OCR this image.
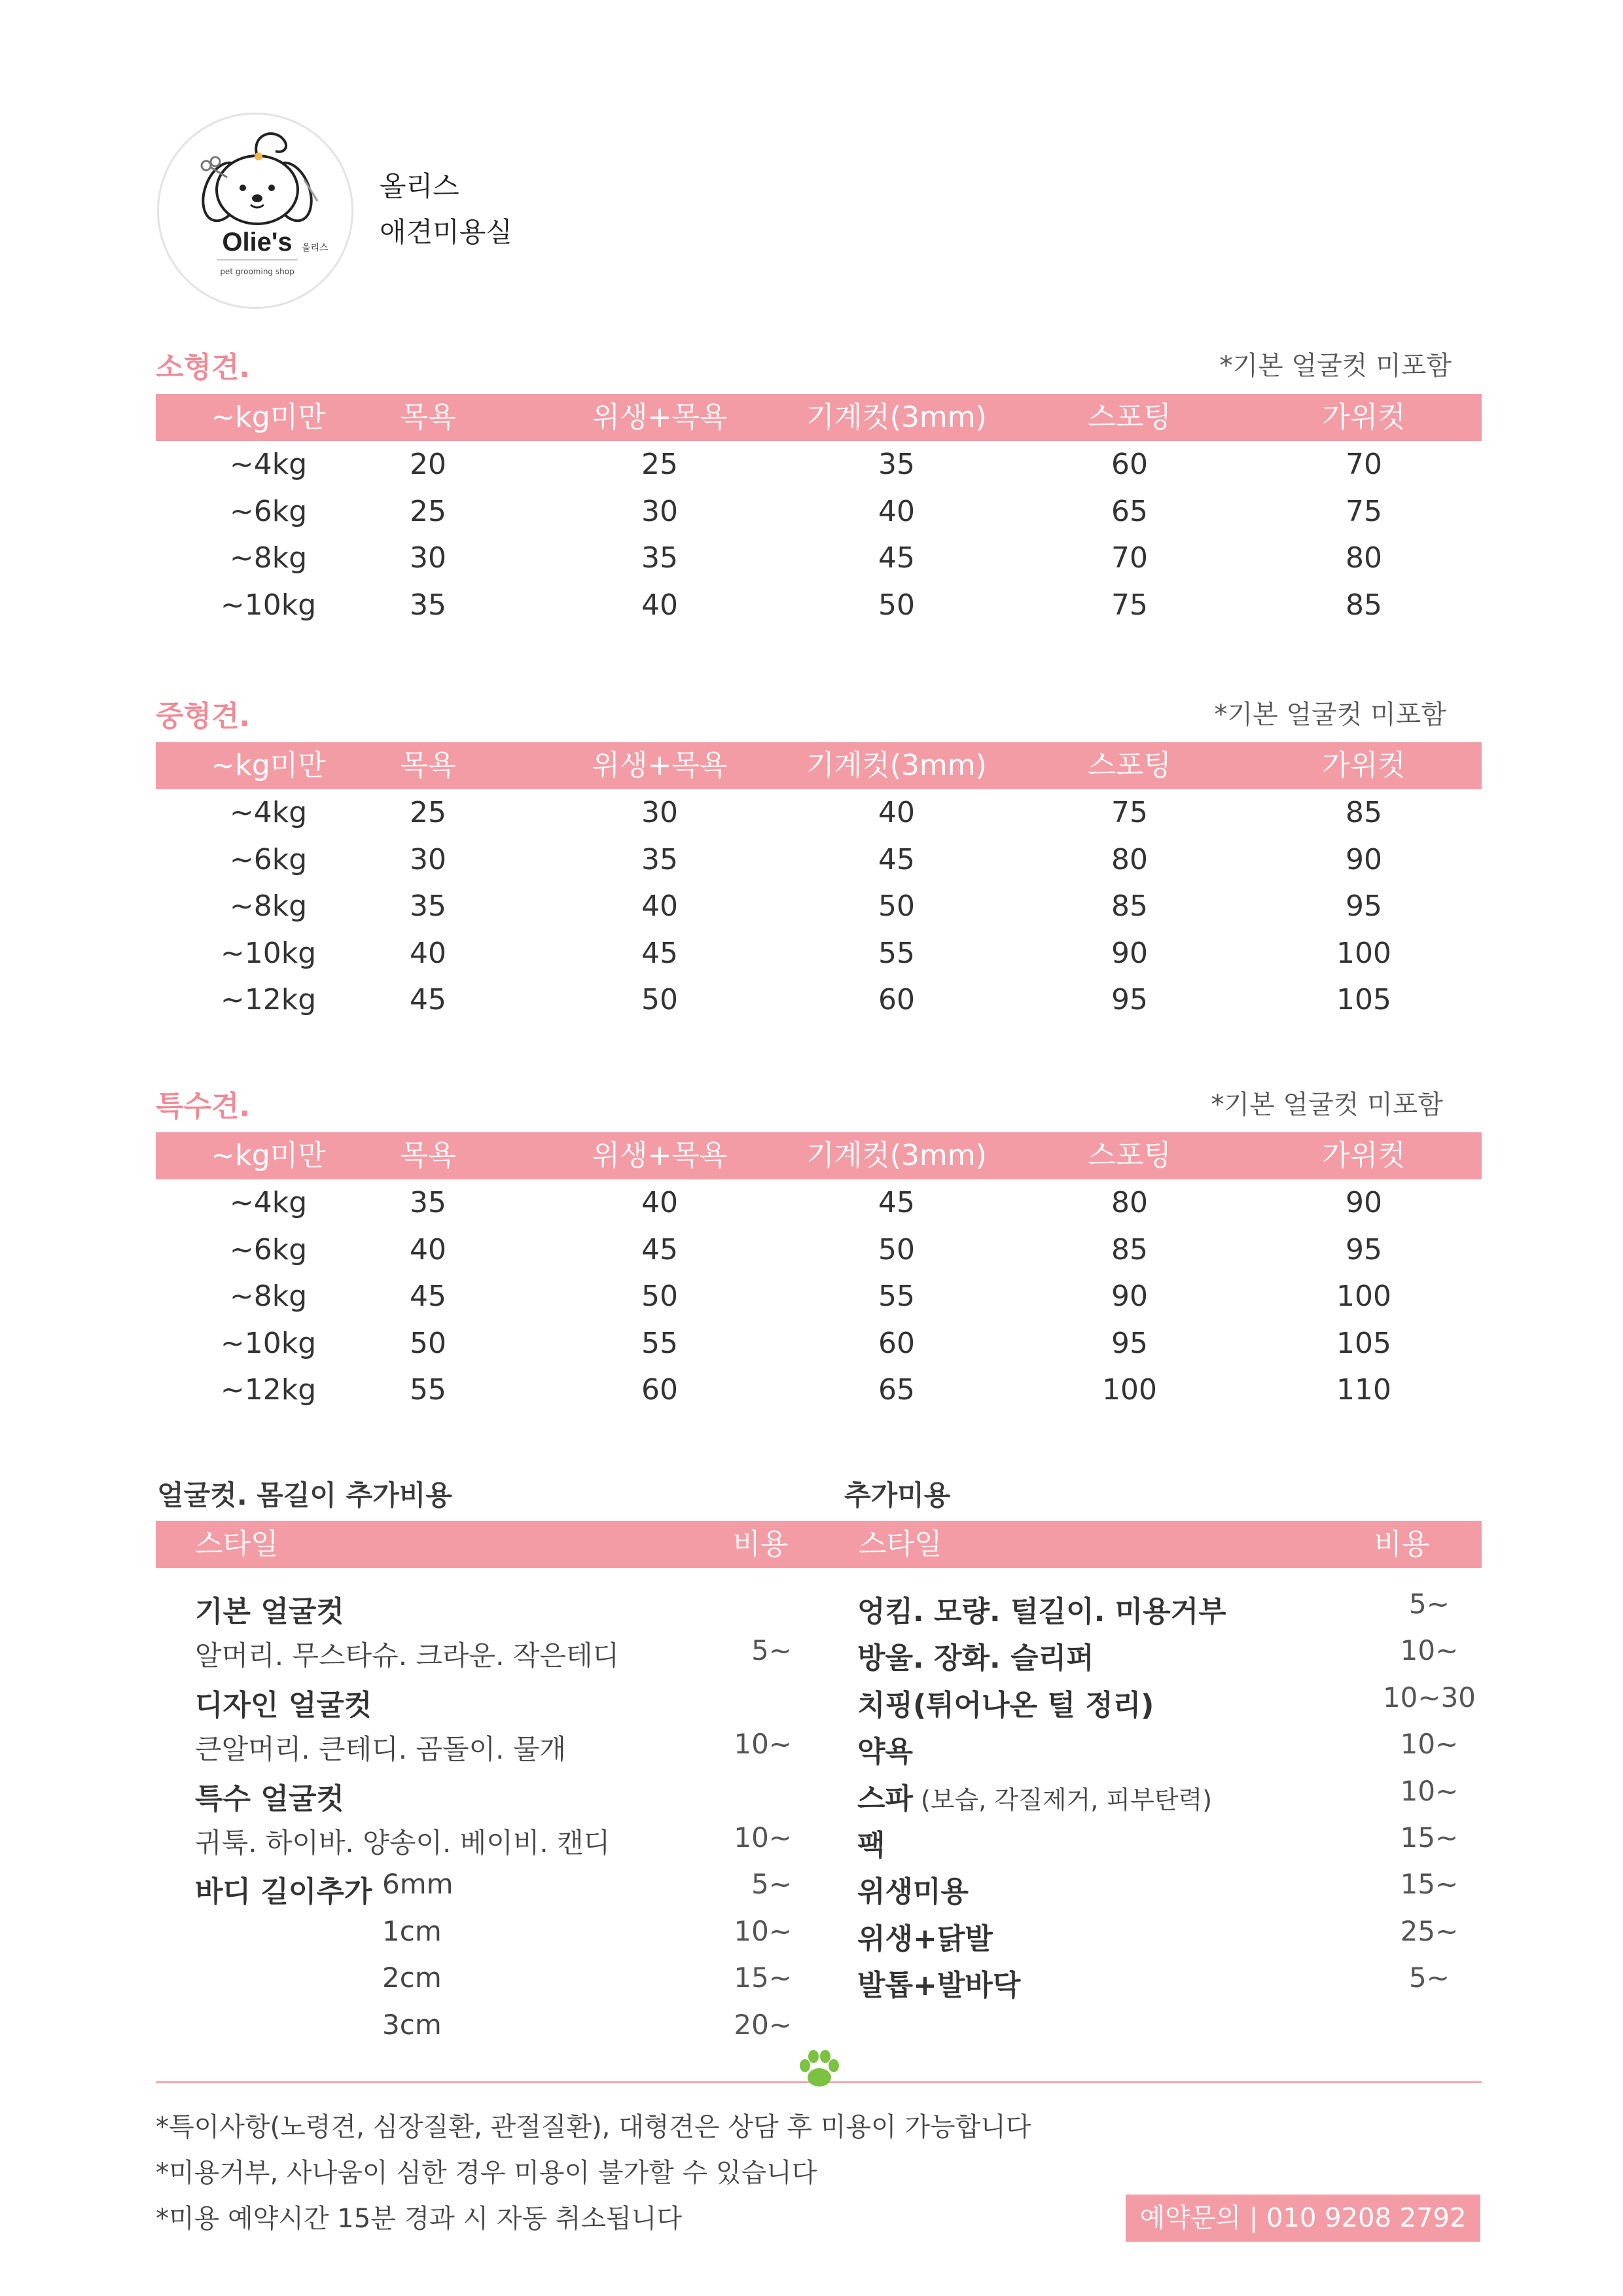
Olie's 올리스
pet grooming shop
올리스
애견미용실
소형견.	*기본 얼굴컷 미포함
~kg미만	목욕	위생+목욕	기계컷(3mm)	스포팅	가위컷
~4kg	20	25	35	60	70
~6kg	25	30	40	65	75
~8kg	30	35	45	70	80
~10kg	35	40	50	75	85
중형견.	*기본 얼굴컷 미포함
~kg미만	목욕	위생+목욕	기계컷(3mm)	스포팅	가위컷
~4kg	25	30	40	75	85
~6kg	30	35	45	80	90
~8kg	35	40	50	85	95
~10kg	40	45	55	90	100
~12kg	45	50	60	95	105
특수견.	*기본 얼굴컷 미포함
~kg미만	목욕	위생+목욕	기계컷(3mm)	스포팅	가위컷
~4kg	35	40	45	80	90
~6kg	40	45	50	85	95
~8kg	45	50	55	90	100
~10kg	50	55	60	95	105
~12kg	55	60	65	100	110
얼굴컷. 몸길이 추가비용	추가미용
스타일	비용 스타일	비용
기본 얼굴컷
알머리. 무스타슈. 크라운. 작은테디	5~
디자인 얼굴컷
큰알머리. 큰테디. 곰돌이. 물개	10~
특수 얼굴컷
귀툭. 하이바. 양송이. 베이비. 캔디	10~
바디 길이추가 6mm	5~
1cm	10~
2cm	15~
3cm	20~
엉킴. 모량. 털길이. 미용거부	5~
방울. 장화. 슬리퍼	10~
치핑(튀어나온 털 정리)	10~30
약욕	10~
스파 (보습, 각질제거, 피부탄력)	10~
팩	15~
위생미용	15~
위생+닭발	25~
발톱+발바닥	5~
*특이사항(노령견, 심장질환, 관절질환), 대형견은 상담 후 미용이 가능합니다
*미용거부, 사나움이 심한 경우 미용이 불가할 수 있습니다
*미용 예약시간 15분 경과 시 자동 취소됩니다	예약문의 | 010 9208 2792
